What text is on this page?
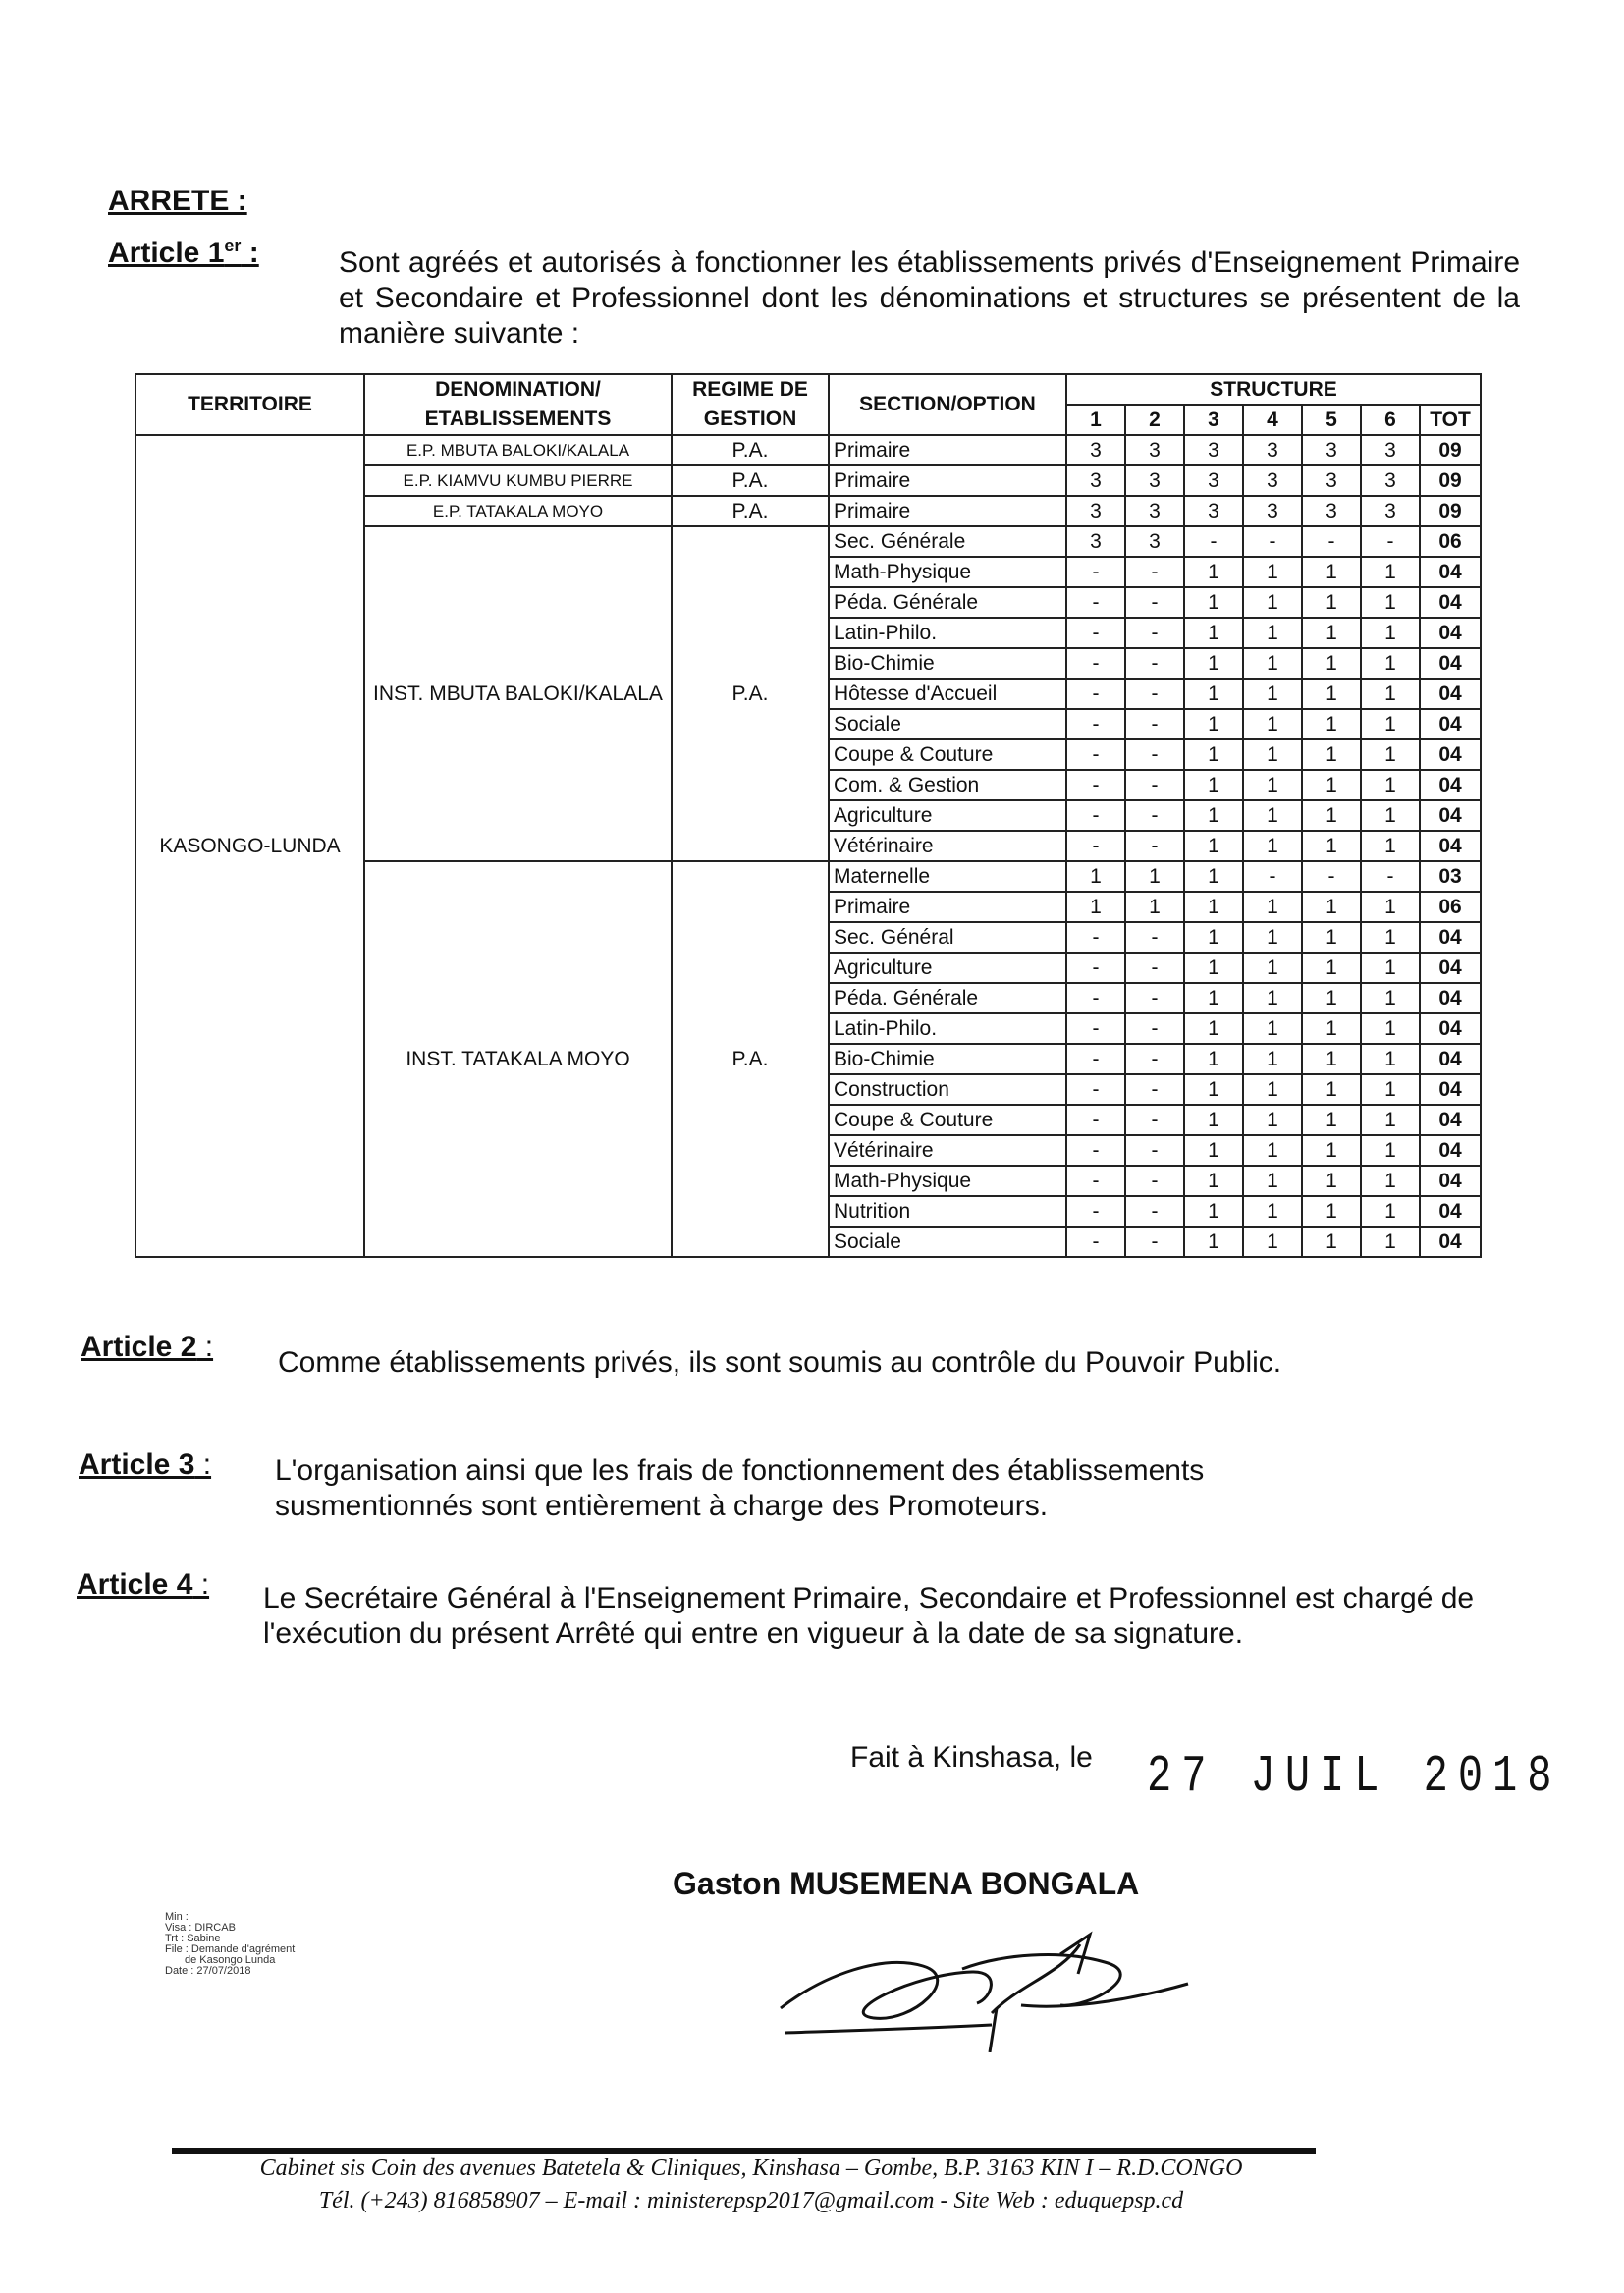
ARRETE :
Article 1er :	Sont agréés et autorisés à fonctionner les établissements privés d'Enseignement Primaire et Secondaire et Professionnel dont les dénominations et structures se présentent de la manière suivante :
TERRITOIRE	DENOMINATION/ ETABLISSEMENTS	REGIME DE GESTION	SECTION/OPTION	STRUCTURE						
				1	2	3	4	5	6	TOT
KASONGO-LUNDA	E.P. MBUTA BALOKI/KALALA	P.A.	Primaire	3	3	3	3	3	3	09
	E.P. KIAMVU KUMBU PIERRE	P.A.	Primaire	3	3	3	3	3	3	09
	E.P. TATAKALA MOYO	P.A.	Primaire	3	3	3	3	3	3	09
	INST. MBUTA BALOKI/KALALA	P.A.	Sec. Générale	3	3	-	-	-	-	06
			Math-Physique	-	-	1	1	1	1	04
			Péda. Générale	-	-	1	1	1	1	04
			Latin-Philo.	-	-	1	1	1	1	04
			Bio-Chimie	-	-	1	1	1	1	04
			Hôtesse d'Accueil	-	-	1	1	1	1	04
			Sociale	-	-	1	1	1	1	04
			Coupe & Couture	-	-	1	1	1	1	04
			Com. & Gestion	-	-	1	1	1	1	04
			Agriculture	-	-	1	1	1	1	04
			Vétérinaire	-	-	1	1	1	1	04
	INST. TATAKALA MOYO	P.A.	Maternelle	1	1	1	-	-	-	03
			Primaire	1	1	1	1	1	1	06
			Sec. Général	-	-	1	1	1	1	04
			Agriculture	-	-	1	1	1	1	04
			Péda. Générale	-	-	1	1	1	1	04
			Latin-Philo.	-	-	1	1	1	1	04
			Bio-Chimie	-	-	1	1	1	1	04
			Construction	-	-	1	1	1	1	04
			Coupe & Couture	-	-	1	1	1	1	04
			Vétérinaire	-	-	1	1	1	1	04
			Math-Physique	-	-	1	1	1	1	04
			Nutrition	-	-	1	1	1	1	04
			Sociale	-	-	1	1	1	1	04
Article 2 : Comme établissements privés, ils sont soumis au contrôle du Pouvoir Public.
Article 3 : L'organisation ainsi que les frais de fonctionnement des établissements susmentionnés sont entièrement à charge des Promoteurs.
Article 4 : Le Secrétaire Général à l'Enseignement Primaire, Secondaire et Professionnel est chargé de l'exécution du présent Arrêté qui entre en vigueur à la date de sa signature.
Fait à Kinshasa, le 27 JUIL 2018
Gaston MUSEMENA BONGALA
Min :
Visa : DIRCAB
Trt : Sabine
File : Demande d'agrément
de Kasongo Lunda
Date : 27/07/2018
Cabinet sis Coin des avenues Batetela & Cliniques, Kinshasa – Gombe, B.P. 3163 KIN I – R.D.CONGO
Tél. (+243) 816858907 – E-mail : ministerepsp2017@gmail.com - Site Web : eduquepsp.cd
